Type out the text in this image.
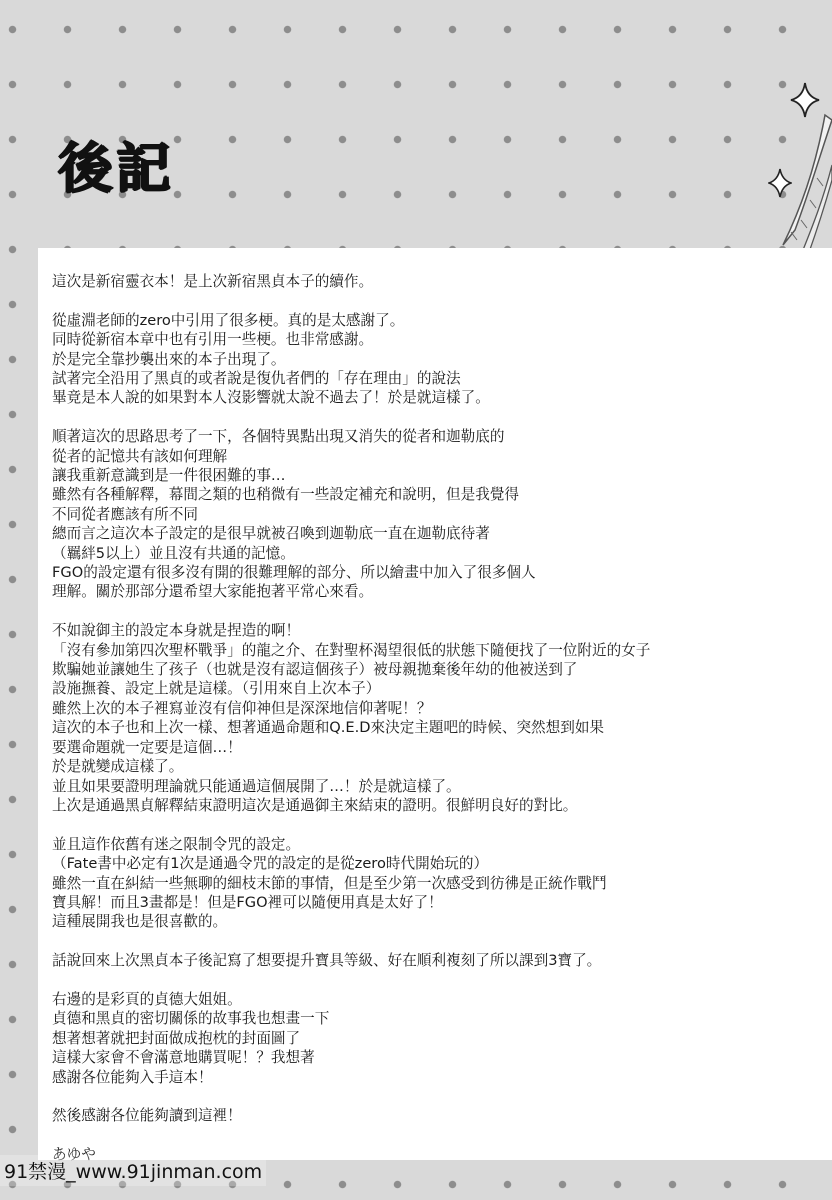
後記
這次是新宿靈衣本！是上次新宿黑貞本子的續作。
從虛淵老師的zero中引用了很多梗。真的是太感謝了。
同時從新宿本章中也有引用一些梗。也非常感謝。
於是完全靠抄襲出來的本子出現了。
試著完全沿用了黑貞的或者說是復仇者們的「存在理由」的說法
畢竟是本人說的如果對本人沒影響就太說不過去了！於是就這樣了。
順著這次的思路思考了一下，各個特異點出現又消失的從者和迦勒底的
從者的記憶共有該如何理解
讓我重新意識到是一件很困難的事…
雖然有各種解釋，幕間之類的也稍微有一些設定補充和說明，但是我覺得
不同從者應該有所不同
總而言之這次本子設定的是很早就被召喚到迦勒底一直在迦勒底待著
（羈絆5以上）並且沒有共通的記憶。
FGO的設定還有很多沒有開的很難理解的部分、所以繪畫中加入了很多個人
理解。關於那部分還希望大家能抱著平常心來看。
不如說御主的設定本身就是捏造的啊！
「沒有參加第四次聖杯戰爭」的龍之介、在對聖杯渴望很低的狀態下隨便找了一位附近的女子
欺騙她並讓她生了孩子（也就是沒有認這個孩子）被母親拋棄後年幼的他被送到了
設施撫養、設定上就是這樣。（引用來自上次本子）
雖然上次的本子裡寫並沒有信仰神但是深深地信仰著呢！？
這次的本子也和上次一樣、想著通過命題和Q.E.D來決定主題吧的時候、突然想到如果
要選命題就一定要是這個…！
於是就變成這樣了。
並且如果要證明理論就只能通過這個展開了…！於是就這樣了。
上次是通過黑貞解釋結束證明這次是通過御主來結束的證明。很鮮明良好的對比。
並且這作依舊有迷之限制令咒的設定。
（Fate書中必定有1次是通過令咒的設定的是從zero時代開始玩的）
雖然一直在糾結一些無聊的細枝末節的事情，但是至少第一次感受到彷彿是正統作戰鬥
寶具解！而且3畫都是！但是FGO裡可以隨便用真是太好了！
這種展開我也是很喜歡的。
話說回來上次黑貞本子後記寫了想要提升寶具等級、好在順利複刻了所以課到3寶了。
右邊的是彩頁的貞德大姐姐。
貞德和黑貞的密切關係的故事我也想畫一下
想著想著就把封面做成抱枕的封面圖了
這樣大家會不會滿意地購買呢！？我想著
感謝各位能夠入手這本！
然後感謝各位能夠讀到這裡！
あゆや
91禁漫_www.91jinman.com
